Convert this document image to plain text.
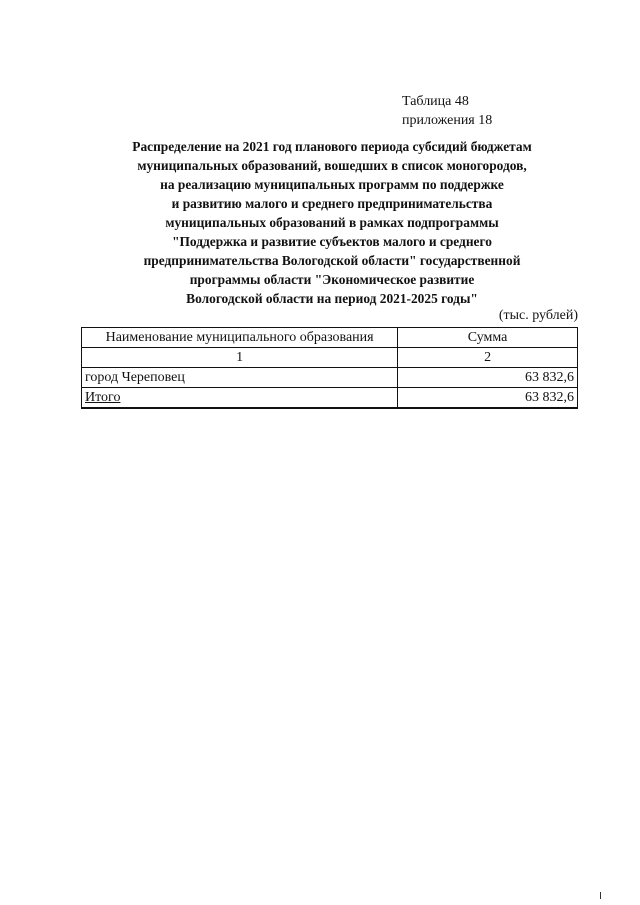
Таблица 48
приложения 18
Распределение на 2021 год планового периода субсидий бюджетам
муниципальных образований, вошедших в список моногородов,
на реализацию муниципальных программ по поддержке
и развитию малого и среднего предпринимательства
муниципальных образований в рамках подпрограммы
"Поддержка и развитие субъектов малого и среднего
предпринимательства Вологодской области" государственной
программы области "Экономическое развитие
Вологодской области на период 2021-2025 годы"
(тыс. рублей)
Наименование муниципального образования	Сумма
1	2
город Череповец	63 832,6
Итого	63 832,6
